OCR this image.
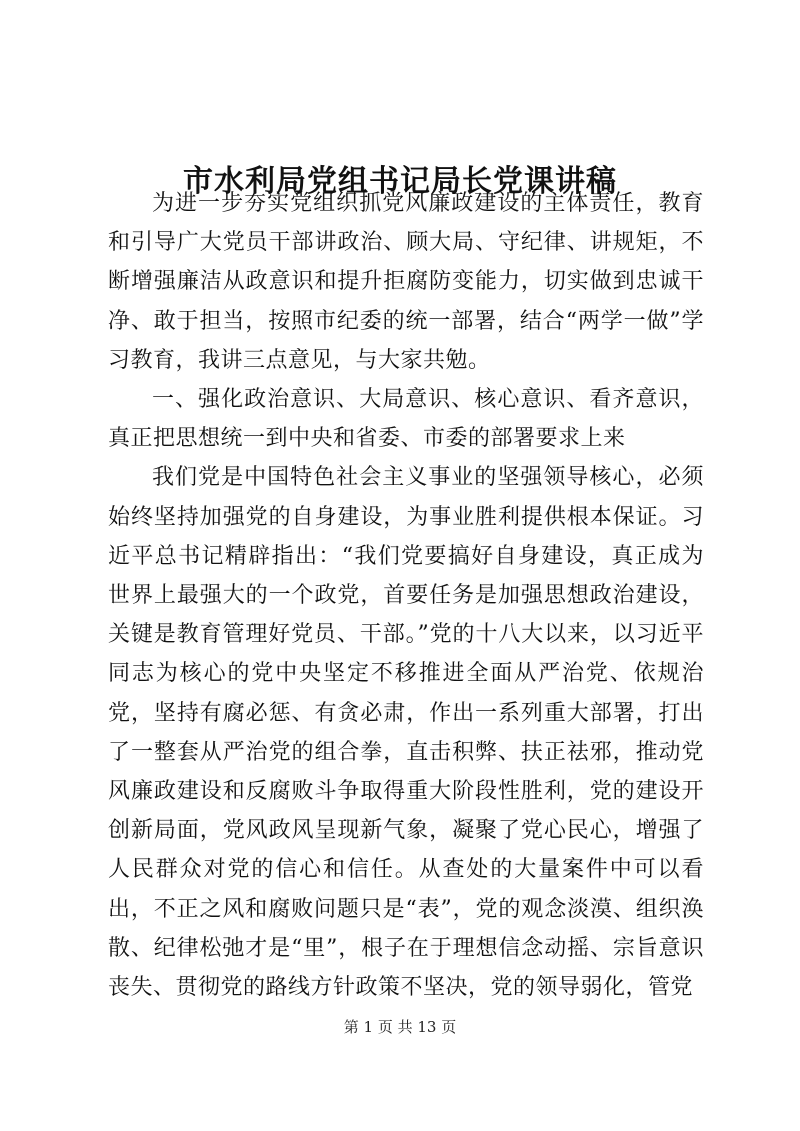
市水利局党组书记局长党课讲稿

为进一步夯实党组织抓党风廉政建设的主体责任，教育和引导广大党员干部讲政治、顾大局、守纪律、讲规矩，不断增强廉洁从政意识和提升拒腐防变能力，切实做到忠诚干净、敢于担当，按照市纪委的统一部署，结合“两学一做”学习教育，我讲三点意见，与大家共勉。

一、强化政治意识、大局意识、核心意识、看齐意识，真正把思想统一到中央和省委、市委的部署要求上来

我们党是中国特色社会主义事业的坚强领导核心，必须始终坚持加强党的自身建设，为事业胜利提供根本保证。习近平总书记精辟指出：“我们党要搞好自身建设，真正成为世界上最强大的一个政党，首要任务是加强思想政治建设，关键是教育管理好党员、干部。”党的十八大以来，以习近平同志为核心的党中央坚定不移推进全面从严治党、依规治党，坚持有腐必惩、有贪必肃，作出一系列重大部署，打出了一整套从严治党的组合拳，直击积弊、扶正祛邪，推动党风廉政建设和反腐败斗争取得重大阶段性胜利，党的建设开创新局面，党风政风呈现新气象，凝聚了党心民心，增强了人民群众对党的信心和信任。从查处的大量案件中可以看出，不正之风和腐败问题只是“表”，党的观念淡漠、组织涣散、纪律松弛才是“里”，根子在于理想信念动摇、宗旨意识丧失、贯彻党的路线方针政策不坚决，党的领导弱化，管党

第 1 页 共 13 页
